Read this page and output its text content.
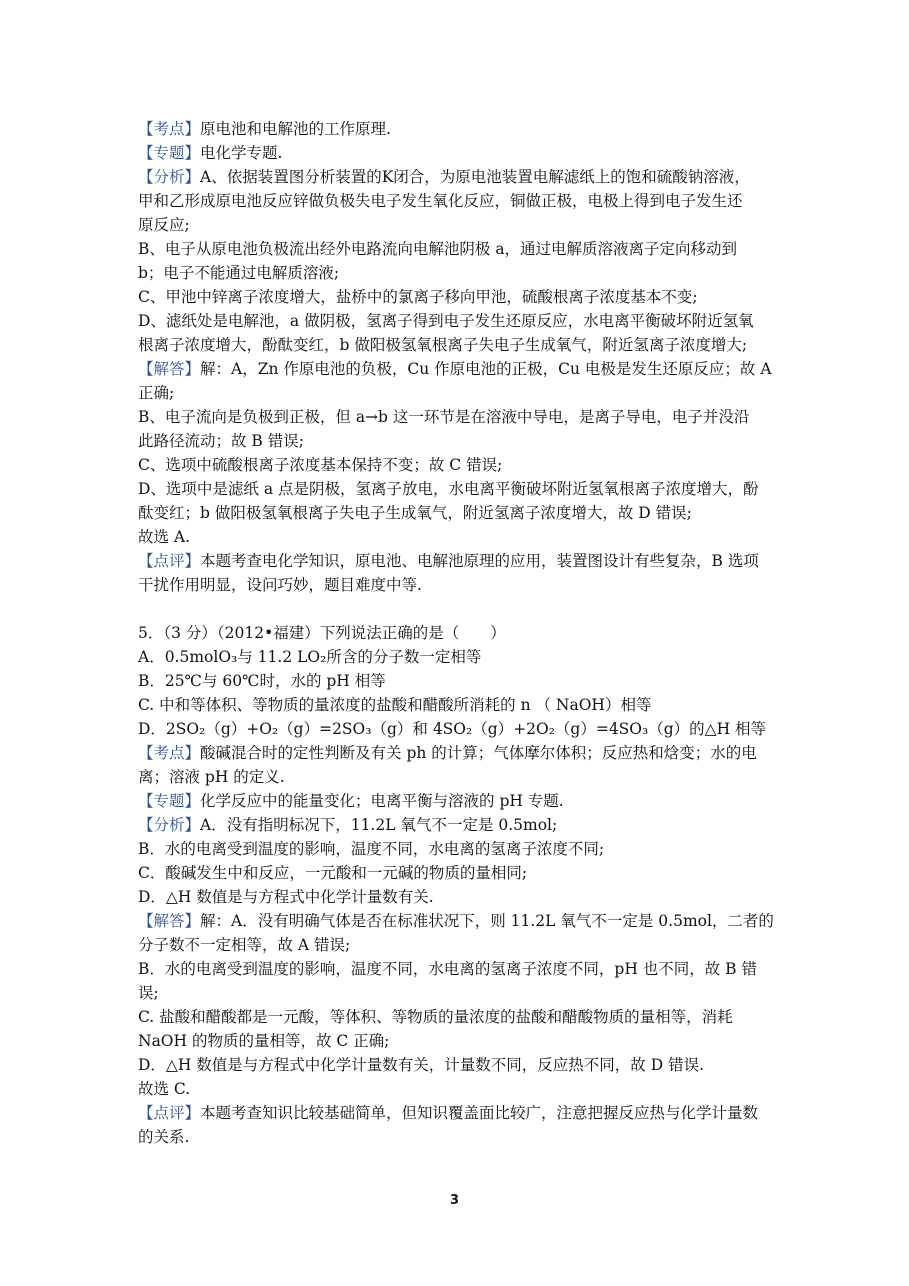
【考点】原电池和电解池的工作原理.
【专题】电化学专题.
【分析】A、依据装置图分析装置的K闭合，为原电池装置电解滤纸上的饱和硫酸钠溶液，
甲和乙形成原电池反应锌做负极失电子发生氧化反应，铜做正极，电极上得到电子发生还
原反应;
B、电子从原电池负极流出经外电路流向电解池阴极 a，通过电解质溶液离子定向移动到
b；电子不能通过电解质溶液;
C、甲池中锌离子浓度增大，盐桥中的氯离子移向甲池，硫酸根离子浓度基本不变;
D、滤纸处是电解池，a 做阴极，氢离子得到电子发生还原反应，水电离平衡破坏附近氢氧
根离子浓度增大，酚酞变红，b 做阳极氢氧根离子失电子生成氧气，附近氢离子浓度增大;
【解答】解：A，Zn 作原电池的负极，Cu 作原电池的正极，Cu 电极是发生还原反应；故 A
正确;
B、电子流向是负极到正极，但 a→b 这一环节是在溶液中导电，是离子导电，电子并没沿
此路径流动；故 B 错误;
C、选项中硫酸根离子浓度基本保持不变；故 C 错误;
D、选项中是滤纸 a 点是阴极，氢离子放电，水电离平衡破坏附近氢氧根离子浓度增大，酚
酞变红；b 做阳极氢氧根离子失电子生成氧气，附近氢离子浓度增大，故 D 错误;
故选 A.
【点评】本题考查电化学知识，原电池、电解池原理的应用，装置图设计有些复杂，B 选项
干扰作用明显，设问巧妙，题目难度中等.
5．（3 分）（2012•福建）下列说法正确的是（　　）
A．0.5molO₃与 11.2 LO₂所含的分子数一定相等
B．25℃与 60℃时，水的 pH 相等
C. 中和等体积、等物质的量浓度的盐酸和醋酸所消耗的 n （ NaOH）相等
D．2SO₂（g）+O₂（g）=2SO₃（g）和 4SO₂（g）+2O₂（g）=4SO₃（g）的△H 相等
【考点】酸碱混合时的定性判断及有关 ph 的计算；气体摩尔体积；反应热和焓变；水的电
离；溶液 pH 的定义.
【专题】化学反应中的能量变化；电离平衡与溶液的 pH 专题.
【分析】A．没有指明标况下，11.2L 氧气不一定是 0.5mol;
B．水的电离受到温度的影响，温度不同，水电离的氢离子浓度不同;
C．酸碱发生中和反应，一元酸和一元碱的物质的量相同;
D．△H 数值是与方程式中化学计量数有关.
【解答】解：A．没有明确气体是否在标准状况下，则 11.2L 氧气不一定是 0.5mol，二者的
分子数不一定相等，故 A 错误;
B．水的电离受到温度的影响，温度不同，水电离的氢离子浓度不同，pH 也不同，故 B 错
误;
C. 盐酸和醋酸都是一元酸，等体积、等物质的量浓度的盐酸和醋酸物质的量相等，消耗
NaOH 的物质的量相等，故 C 正确;
D．△H 数值是与方程式中化学计量数有关，计量数不同，反应热不同，故 D 错误.
故选 C.
【点评】本题考查知识比较基础简单，但知识覆盖面比较广，注意把握反应热与化学计量数
的关系.
3
